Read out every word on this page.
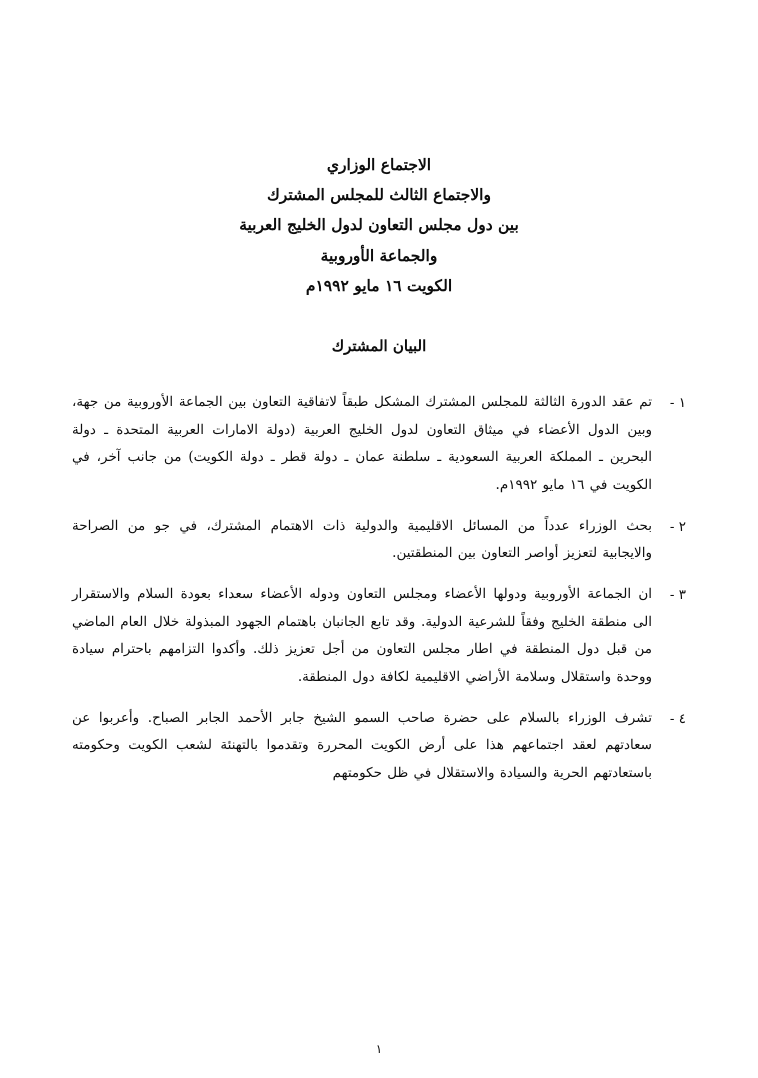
الاجتماع الوزاري
والاجتماع الثالث للمجلس المشترك
بين دول مجلس التعاون لدول الخليج العربية
والجماعة الأوروبية
الكويت ١٦ مايو ١٩٩٢م
البيان المشترك
١ -
تم عقد الدورة الثالثة للمجلس المشترك المشكل طبقاً لاتفاقية التعاون بين الجماعة الأوروبية من جهة، وبين الدول الأعضاء في ميثاق التعاون لدول الخليج العربية (دولة الامارات العربية المتحدة ـ دولة البحرين ـ المملكة العربية السعودية ـ سلطنة عمان ـ دولة قطر ـ دولة الكويت) من جانب آخر، في الكويت في ١٦ مايو ١٩٩٢م.
٢ -
بحث الوزراء عدداً من المسائل الاقليمية والدولية ذات الاهتمام المشترك، في جو من الصراحة والايجابية لتعزيز أواصر التعاون بين المنطقتين.
٣ -
ان الجماعة الأوروبية ودولها الأعضاء ومجلس التعاون ودوله الأعضاء سعداء بعودة السلام والاستقرار الى منطقة الخليج وفقاً للشرعية الدولية. وقد تابع الجانبان باهتمام الجهود المبذولة خلال العام الماضي من قبل دول المنطقة في اطار مجلس التعاون من أجل تعزيز ذلك. وأكدوا التزامهم باحترام سيادة ووحدة واستقلال وسلامة الأراضي الاقليمية لكافة دول المنطقة.
٤ -
تشرف الوزراء بالسلام على حضرة صاحب السمو الشيخ جابر الأحمد الجابر الصباح. وأعربوا عن سعادتهم لعقد اجتماعهم هذا على أرض الكويت المحررة وتقدموا بالتهنئة لشعب الكويت وحكومته باستعادتهم الحرية والسيادة والاستقلال في ظل حكومتهم
١
